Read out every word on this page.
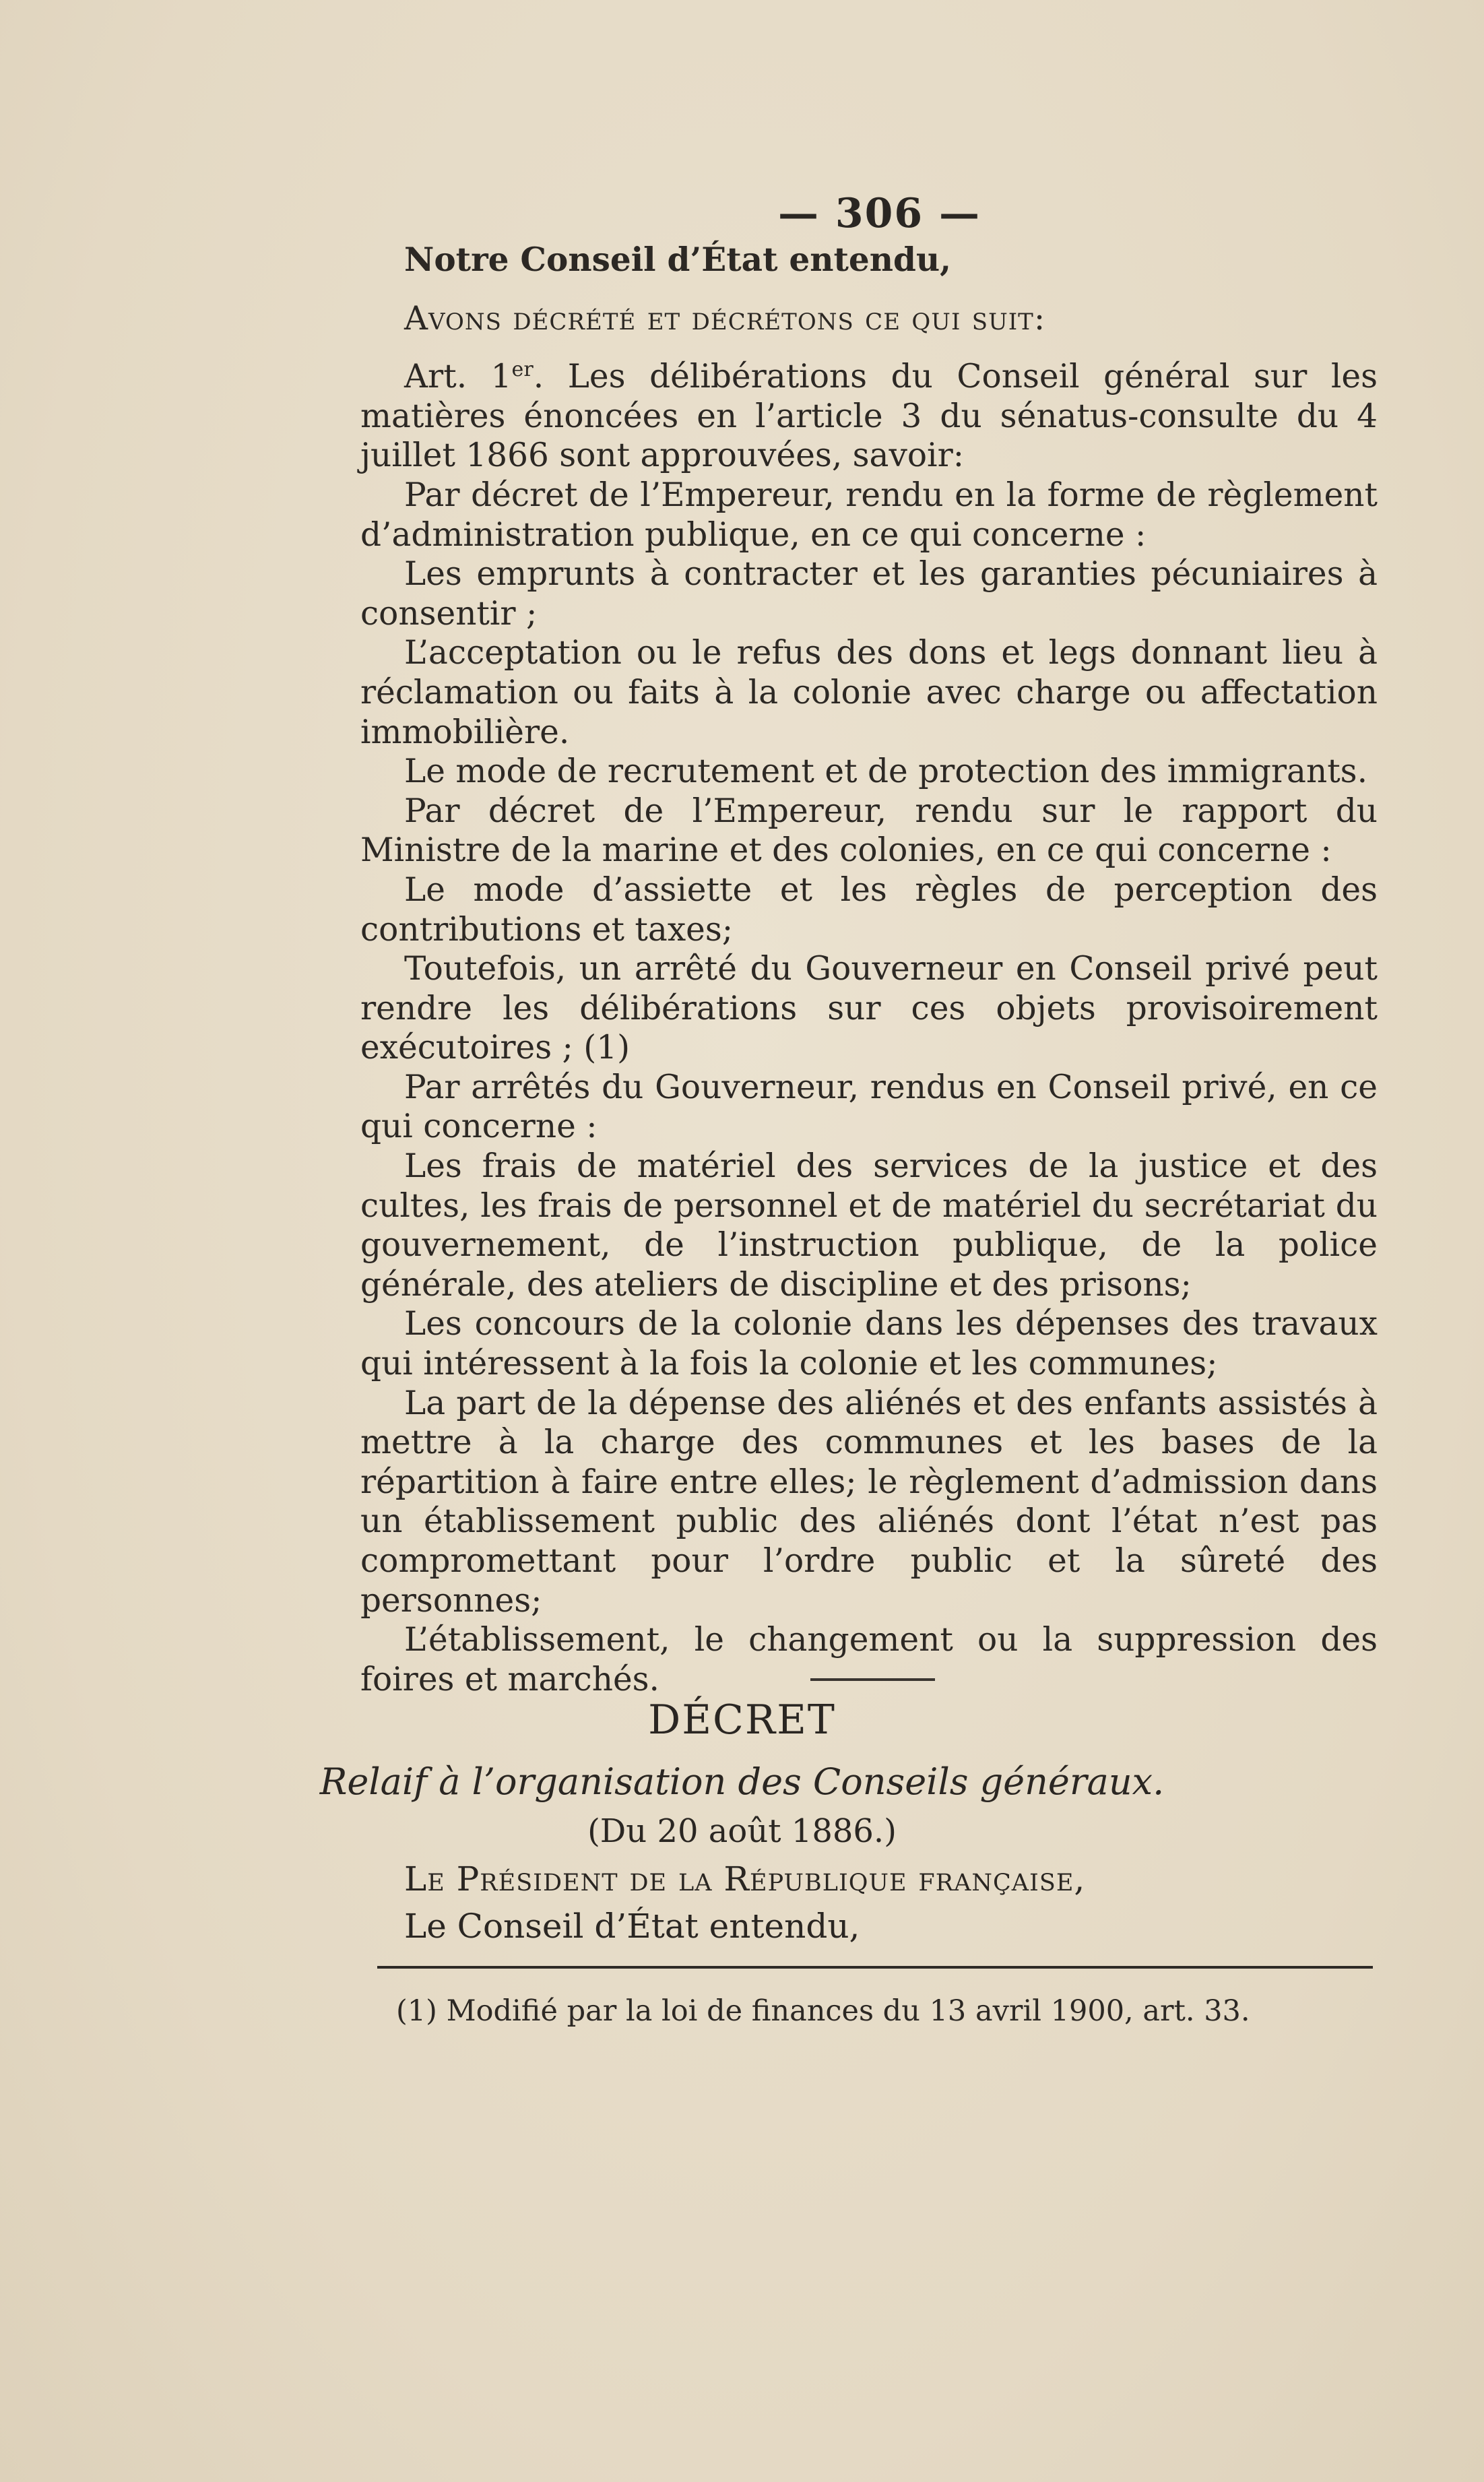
— 306 —

Notre Conseil d’État entendu,

Avons décrété et décrétons ce qui suit:

Art. 1er. Les délibérations du Conseil général sur les matières énoncées en l’article 3 du sénatus-consulte du 4 juillet 1866 sont approuvées, savoir:

Par décret de l’Empereur, rendu en la forme de règlement d’administration publique, en ce qui concerne :

Les emprunts à contracter et les garanties pécuniaires à consentir ;

L’acceptation ou le refus des dons et legs donnant lieu à réclamation ou faits à la colonie avec charge ou affectation immobilière.

Le mode de recrutement et de protection des immigrants.

Par décret de l’Empereur, rendu sur le rapport du Ministre de la marine et des colonies, en ce qui concerne :

Le mode d’assiette et les règles de perception des contributions et taxes;

Toutefois, un arrêté du Gouverneur en Conseil privé peut rendre les délibérations sur ces objets provisoirement exécutoires ; (1)

Par arrêtés du Gouverneur, rendus en Conseil privé, en ce qui concerne :

Les frais de matériel des services de la justice et des cultes, les frais de personnel et de matériel du secrétariat du gouvernement, de l’instruction publique, de la police générale, des ateliers de discipline et des prisons;

Les concours de la colonie dans les dépenses des travaux qui intéressent à la fois la colonie et les communes;

La part de la dépense des aliénés et des enfants assistés à mettre à la charge des communes et les bases de la répartition à faire entre elles; le règlement d’admission dans un établissement public des aliénés dont l’état n’est pas compromettant pour l’ordre public et la sûreté des personnes;

L’établissement, le changement ou la suppression des foires et marchés.

DÉCRET
Relaif à l’organisation des Conseils généraux.
(Du 20 août 1886.)
Le Président de la République française,
Le Conseil d’État entendu,
(1) Modifié par la loi de finances du 13 avril 1900, art. 33.
